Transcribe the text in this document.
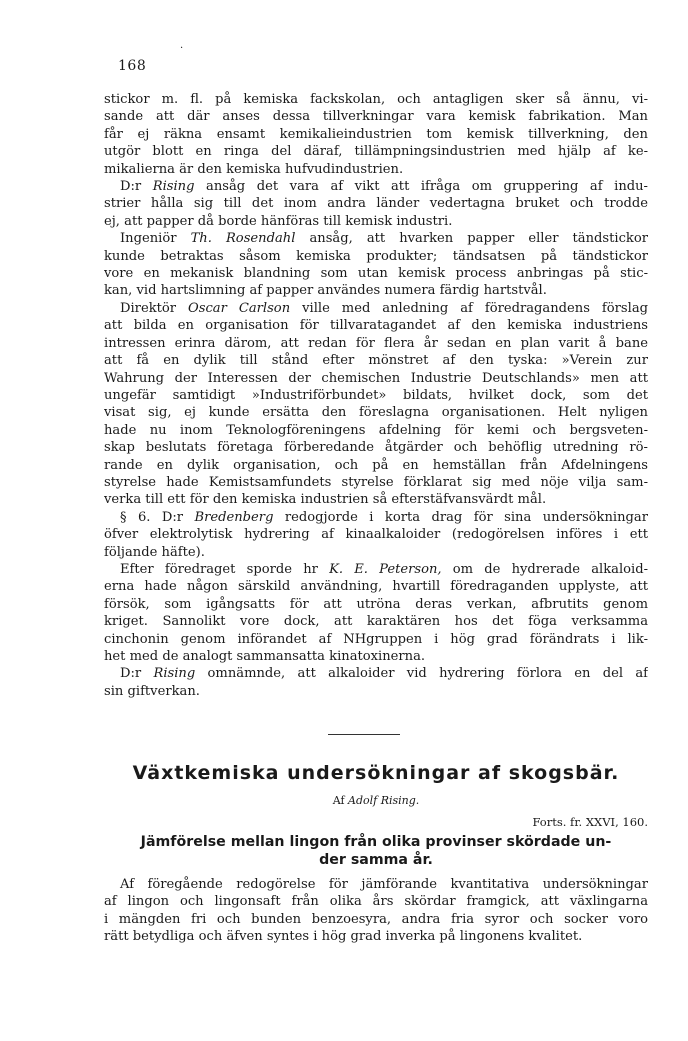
.
168

stickor m. fl. på kemiska fackskolan, och antagligen sker så ännu, vi-
sande att där anses dessa tillverkningar vara kemisk fabrikation. Man
får ej räkna ensamt kemikalieindustrien tom kemisk tillverkning, den
utgör blott en ringa del däraf, tillämpningsindustrien med hjälp af ke-
mikalierna är den kemiska hufvudindustrien.

D:r Rising ansåg det vara af vikt att ifråga om gruppering af indu-
strier hålla sig till det inom andra länder vedertagna bruket och trodde
ej, att papper då borde hänföras till kemisk industri.

Ingeniör Th. Rosendahl ansåg, att hvarken papper eller tändstickor
kunde betraktas såsom kemiska produkter; tändsatsen på tändstickor
vore en mekanisk blandning som utan kemisk process anbringas på stic-
kan, vid hartslimning af papper användes numera färdig hartstvål.

Direktör Oscar Carlson ville med anledning af föredragandens förslag
att bilda en organisation för tillvaratagandet af den kemiska industriens
intressen erinra därom, att redan för flera år sedan en plan varit å bane
att få en dylik till stånd efter mönstret af den tyska: »Verein zur
Wahrung der Interessen der chemischen Industrie Deutschlands» men att
ungefär samtidigt »Industriförbundet» bildats, hvilket dock, som det
visat sig, ej kunde ersätta den föreslagna organisationen. Helt nyligen
hade nu inom Teknologföreningens afdelning för kemi och bergsveten-
skap beslutats företaga förberedande åtgärder och behöflig utredning rö-
rande en dylik organisation, och på en hemställan från Afdelningens
styrelse hade Kemistsamfundets styrelse förklarat sig med nöje vilja sam-
verka till ett för den kemiska industrien så efterstäfvansvärdt mål.

§ 6. D:r Bredenberg redogjorde i korta drag för sina undersökningar
öfver elektrolytisk hydrering af kinaalkaloider (redogörelsen införes i ett
följande häfte).

Efter föredraget sporde hr K. E. Peterson, om de hydrerade alkaloid-
erna hade någon särskild användning, hvartill föredraganden upplyste, att
försök, som igångsatts för att utröna deras verkan, afbrutits genom
kriget. Sannolikt vore dock, att karaktären hos det föga verksamma
cinchonin genom införandet af NHgruppen i hög grad förändrats i lik-
het med de analogt sammansatta kinatoxinerna.

D:r Rising omnämnde, att alkaloider vid hydrering förlora en del af
sin giftverkan.

Växtkemiska undersökningar af skogsbär.
Af Adolf Rising.
Forts. fr. XXVI, 160.
Jämförelse mellan lingon från olika provinser skördade un-
der samma år.

Af föregående redogörelse för jämförande kvantitativa undersökningar
af lingon och lingonsaft från olika års skördar framgick, att växlingarna
i mängden fri och bunden benzoesyra, andra fria syror och socker voro
rätt betydliga och äfven syntes i hög grad inverka på lingonens kvalitet.
